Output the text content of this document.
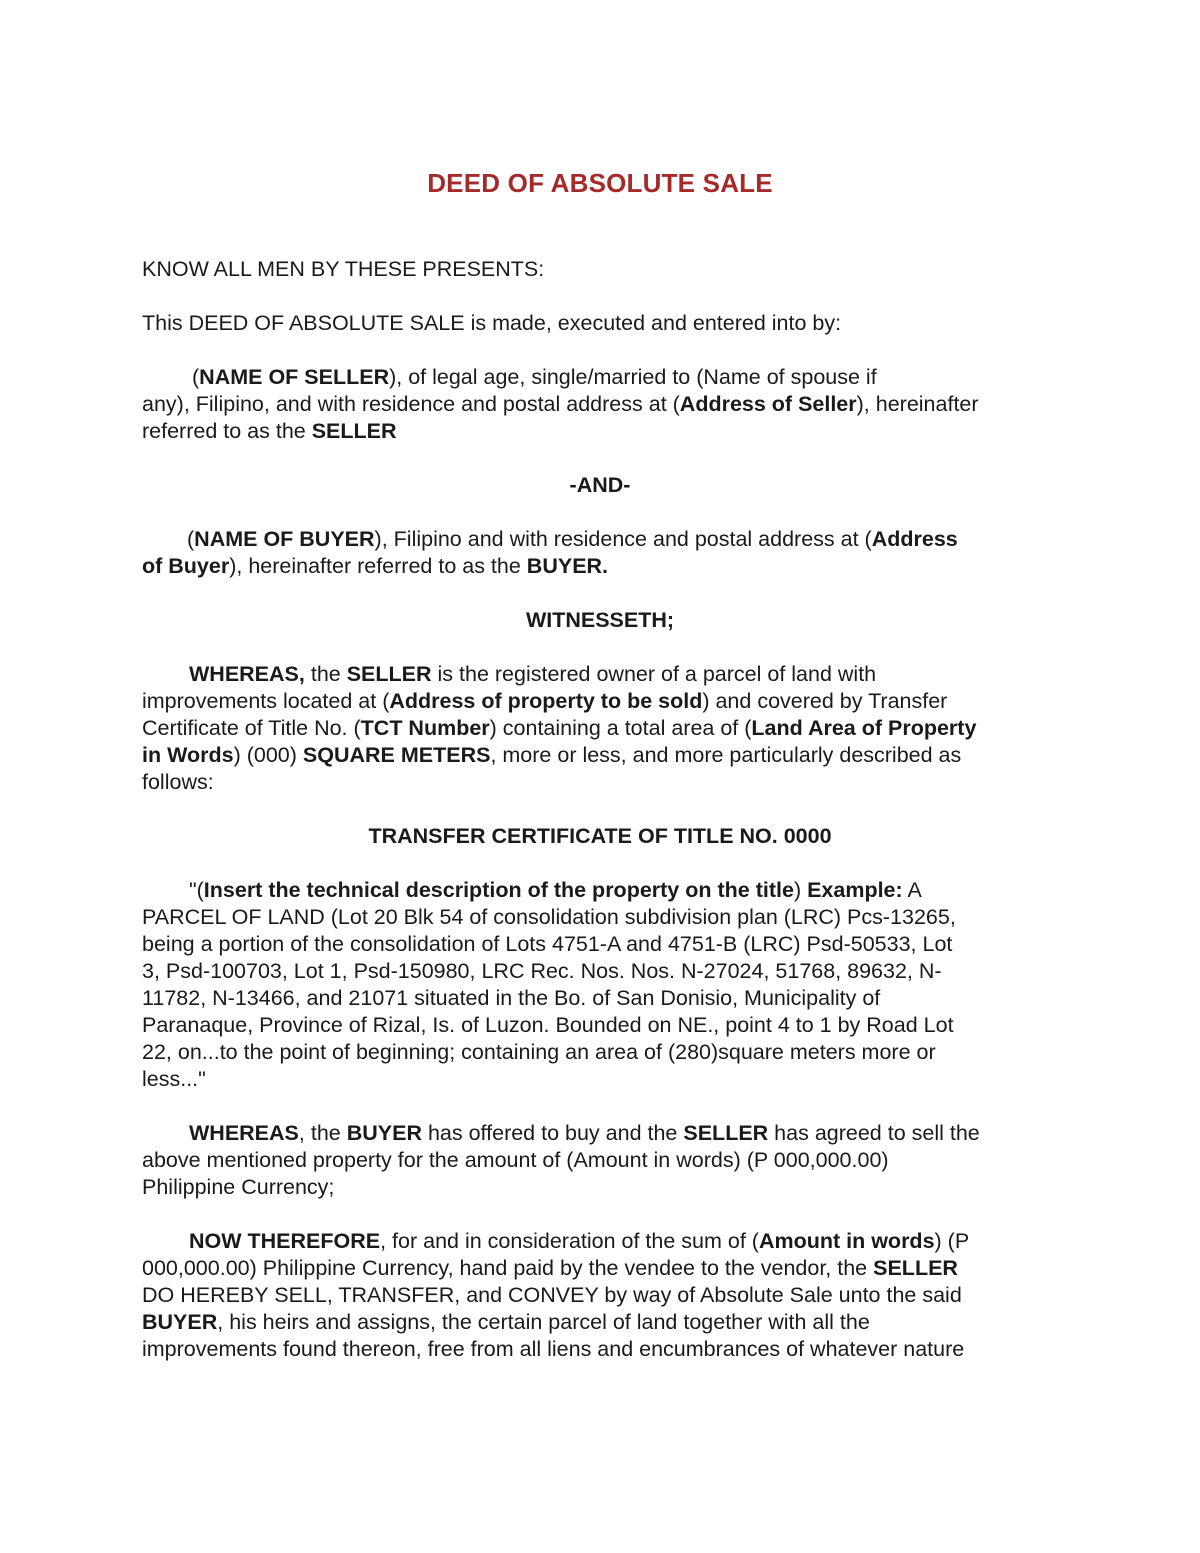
DEED OF ABSOLUTE SALE
KNOW ALL MEN BY THESE PRESENTS:
This DEED OF ABSOLUTE SALE is made, executed and entered into by:
(NAME OF SELLER), of legal age, single/married to (Name of spouse if
any), Filipino, and with residence and postal address at (Address of Seller), hereinafter
referred to as the SELLER
-AND-
(NAME OF BUYER), Filipino and with residence and postal address at (Address
of Buyer), hereinafter referred to as the BUYER.
WITNESSETH;
WHEREAS, the SELLER is the registered owner of a parcel of land with
improvements located at (Address of property to be sold) and covered by Transfer
Certificate of Title No. (TCT Number) containing a total area of (Land Area of Property
in Words) (000) SQUARE METERS, more or less, and more particularly described as
follows:
TRANSFER CERTIFICATE OF TITLE NO. 0000
"(Insert the technical description of the property on the title) Example: A
PARCEL OF LAND (Lot 20 Blk 54 of consolidation subdivision plan (LRC) Pcs-13265,
being a portion of the consolidation of Lots 4751-A and 4751-B (LRC) Psd-50533, Lot
3, Psd-100703, Lot 1, Psd-150980, LRC Rec. Nos. Nos. N-27024, 51768, 89632, N-
11782, N-13466, and 21071 situated in the Bo. of San Donisio, Municipality of
Paranaque, Province of Rizal, Is. of Luzon. Bounded on NE., point 4 to 1 by Road Lot
22, on...to the point of beginning; containing an area of (280)square meters more or
less..."
WHEREAS, the BUYER has offered to buy and the SELLER has agreed to sell the
above mentioned property for the amount of (Amount in words) (P 000,000.00)
Philippine Currency;
NOW THEREFORE, for and in consideration of the sum of (Amount in words) (P
000,000.00) Philippine Currency, hand paid by the vendee to the vendor, the SELLER
DO HEREBY SELL, TRANSFER, and CONVEY by way of Absolute Sale unto the said
BUYER, his heirs and assigns, the certain parcel of land together with all the
improvements found thereon, free from all liens and encumbrances of whatever nature
